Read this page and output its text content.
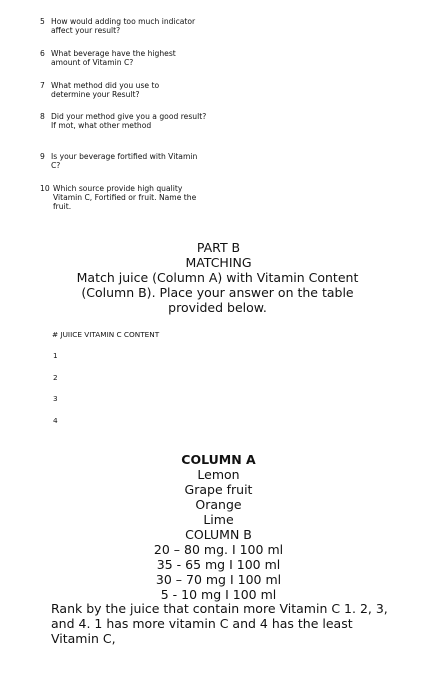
5 How would adding too much indicator affect your result?
6 What beverage have the highest amount of Vitamin C?
7 What method did you use to determine your Result?
8 Did your method give you a good result? If mot, what other method
9 Is your beverage fortified with Vitamin C?
10 Which source provide high quality Vitamin C, Fortified or fruit. Name the fruit.
PART B
MATCHING
Match juice (Column A) with Vitamin Content (Column B). Place your answer on the table provided below.
# JUIICE VITAMIN C CONTENT
1
2
3
4
COLUMN A
Lemon
Grape fruit
Orange
Lime
COLUMN B
20 – 80 mg. I 100 ml
35 - 65 mg I 100 ml
30 – 70 mg I 100 ml
5 - 10 mg I 100 ml
Rank by the juice that contain more Vitamin C 1. 2, 3, and 4. 1 has more vitamin C and 4 has the least Vitamin C,
